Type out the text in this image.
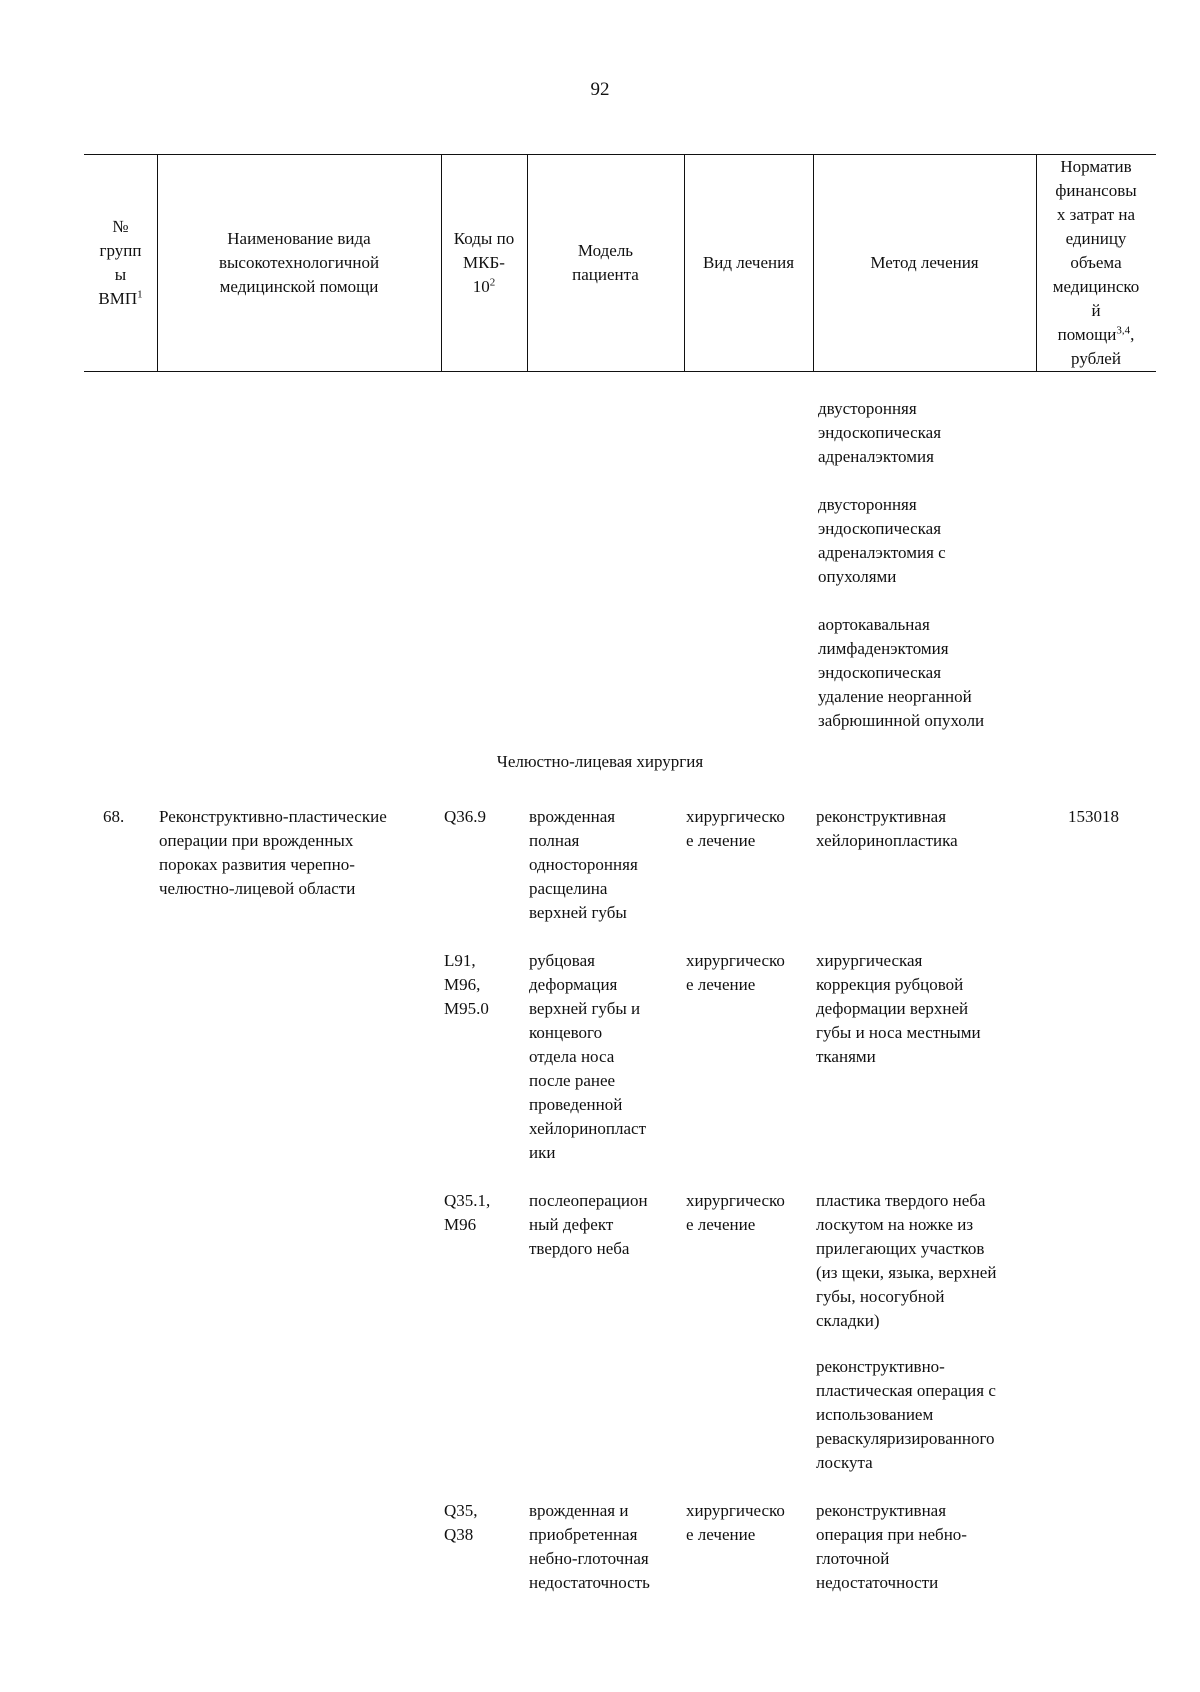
92
№
групп
ы
ВМП$^1$
Наименование вида
высокотехнологичной
медицинской помощи
Коды по
МКБ-
$10^2$
Модель
пациента
Вид лечения	Метод лечения
Норматив
финансовы
х затрат на
единицу
объема
медицинско
й
помощи$^{3,4}$,
рублей
двусторонняя
эндоскопическая
адреналэктомия
двусторонняя
эндоскопическая
адреналэктомия с
опухолями
аортокавальная
лимфаденэктомия
эндоскопическая
удаление неорганной
забрюшинной опухоли
Челюстно-лицевая хирургия
68. Реконструктивно-пластические
операции при врожденных
пороках развития черепно-
челюстно-лицевой области
153018
Q36.9	врожденная
полная
односторонняя
расщелина
верхней губы
хирургическо
е лечение
реконструктивная
хейлоринопластика
L91,
M96,
M95.0
рубцовая
деформация
верхней губы и
концевого
отдела носа
после ранее
проведенной
хейлоринопласт
ики
хирургическо
е лечение
хирургическая
коррекция рубцовой
деформации верхней
губы и носа местными
тканями
Q35.1,
M96
послеоперацион
ный дефект
твердого неба
хирургическо
е лечение
пластика твердого неба
лоскутом на ножке из
прилегающих участков
(из щеки, языка, верхней
губы, носогубной
складки)
реконструктивно-
пластическая операция с
использованием
реваскуляризированного
лоскута
Q35,
Q38
врожденная и
приобретенная
небно-глоточная
недостаточность
хирургическо
е лечение
реконструктивная
операция при небно-
глоточной
недостаточности
